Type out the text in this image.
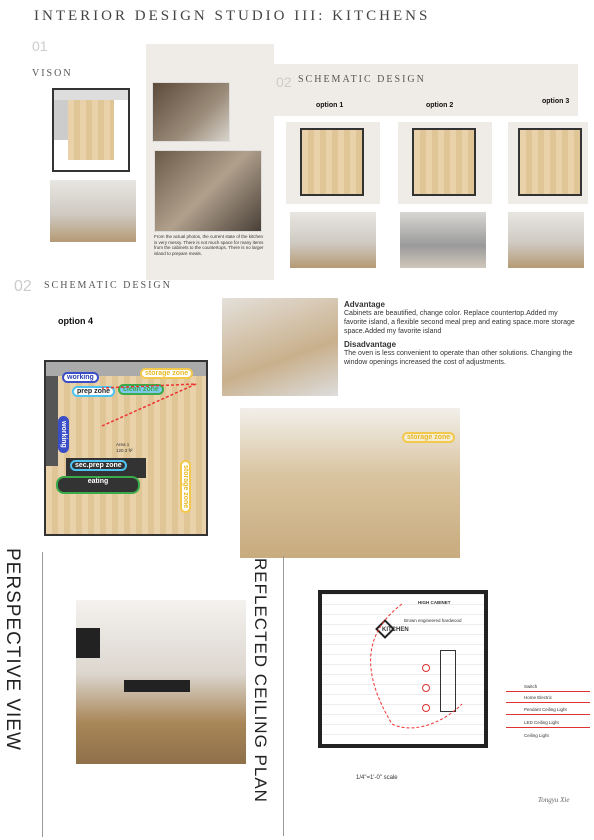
INTERIOR DESIGN STUDIO III: KITCHENS
01
VISON
From the actual photos, the current state of the kitchen is very messy. There is not much space for many items from the cabinets to the countertops. There is no larger island to prepare meals.
02 SCHEMATIC DESIGN
option 1	option 2
option 3
02 SCHEMATIC DESIGN
option 4
Area 1
120.3 ft²
working
prep zone	clean zone
storage zone
working
sec.prep zone
eating	storage zone
Advantage
Cabinets are beautified, change color. Replace countertop.Added my favorite island, a flexible second meal prep and eating space.more storage space.Added my favorite island
Disadvantage
The oven is less convenient to operate than other solutions. Changing the window openings increased the cost of adjustments.
storage zone
PERSPECTIVE VIEW	REFLECTED CEILING PLAN	HIGH CABINET
KITCHEN
Brown engineered hardwood
1/4"=1'-0" scale
Switch
Home Electric
Pendant Ceiling Light
LED Ceiling Light
Ceiling Light
Tongyu Xie
